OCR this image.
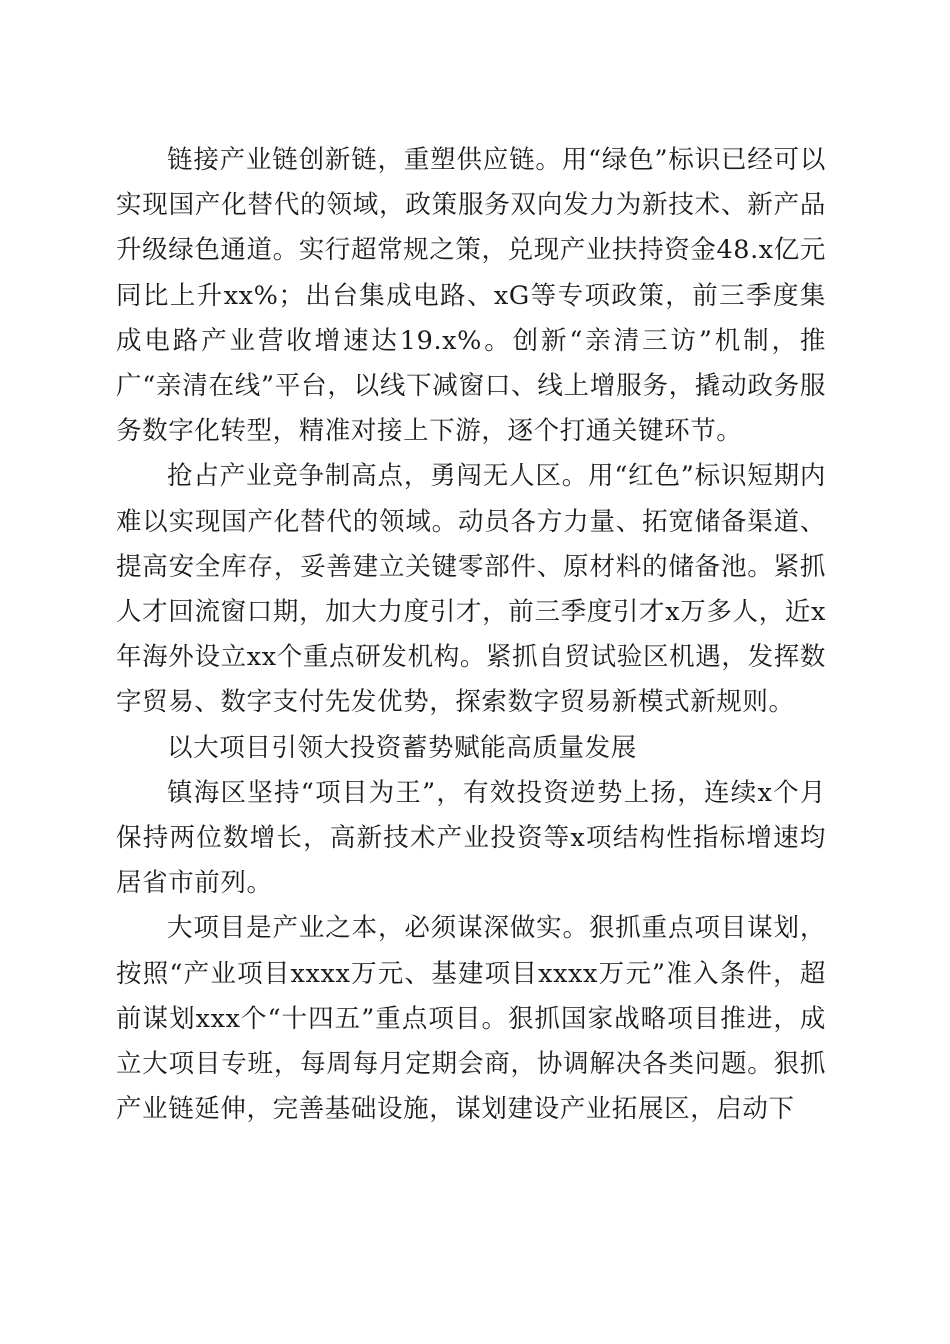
链接产业链创新链，重塑供应链。用“绿色”标识已经可以实现国产化替代的领域，政策服务双向发力为新技术、新产品升级绿色通道。实行超常规之策，兑现产业扶持资金48.x亿元同比上升xx%；出台集成电路、xG等专项政策，前三季度集成电路产业营收增速达19.x%。创新“亲清三访”机制，推广“亲清在线”平台，以线下减窗口、线上增服务，撬动政务服务数字化转型，精准对接上下游，逐个打通关键环节。

抢占产业竞争制高点，勇闯无人区。用“红色”标识短期内难以实现国产化替代的领域。动员各方力量、拓宽储备渠道、提高安全库存，妥善建立关键零部件、原材料的储备池。紧抓人才回流窗口期，加大力度引才，前三季度引才x万多人，近x年海外设立xx个重点研发机构。紧抓自贸试验区机遇，发挥数字贸易、数字支付先发优势，探索数字贸易新模式新规则。

以大项目引领大投资蓄势赋能高质量发展

镇海区坚持“项目为王”，有效投资逆势上扬，连续x个月保持两位数增长，高新技术产业投资等x项结构性指标增速均居省市前列。

大项目是产业之本，必须谋深做实。狠抓重点项目谋划，按照“产业项目xxxx万元、基建项目xxxx万元”准入条件，超前谋划xxx个“十四五”重点项目。狠抓国家战略项目推进，成立大项目专班，每周每月定期会商，协调解决各类问题。狠抓产业链延伸，完善基础设施，谋划建设产业拓展区，启动下
